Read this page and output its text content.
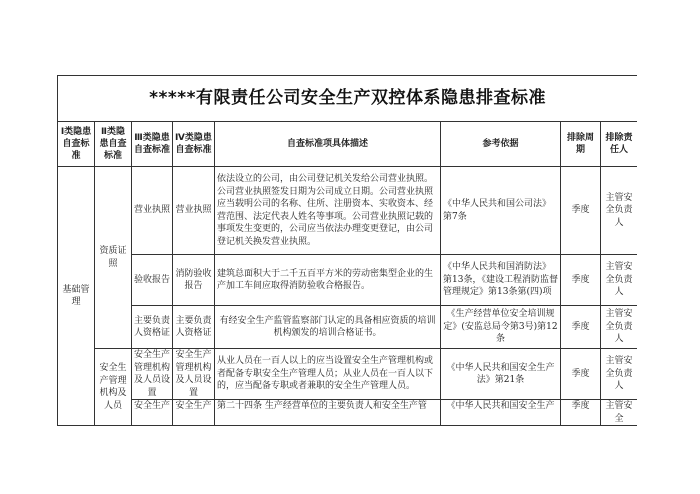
*****有限责任公司安全生产双控体系隐患排查标准							
Ⅰ类隐患自查标准	Ⅱ类隐患自查标准	Ⅲ类隐患自查标准	Ⅳ类隐患自查标准	自查标准项具体描述	参考依据	排除周期	排除责任人
基础管理	资质证照	营业执照	营业执照	依法设立的公司，由公司登记机关发给公司营业执照。公司营业执照签发日期为公司成立日期。公司营业执照应当载明公司的名称、住所、注册资本、实收资本、经营范围、法定代表人姓名等事项。公司营业执照记载的事项发生变更的，公司应当依法办理变更登记，由公司登记机关换发营业执照。	《中华人民共和国公司法》第7条	季度	主管安全负责人
		验收报告	消防验收报告	建筑总面积大于二千五百平方米的劳动密集型企业的生产加工车间应取得消防验收合格报告。	《中华人民共和国消防法》第13条，《建设工程消防监督管理规定》第13条第(四)项	季度	主管安全负责人
		主要负责人资格证	主要负责人资格证	有经安全生产监管监察部门认定的具备相应资质的培训机构颁发的培训合格证书。	《生产经营单位安全培训规定》(安监总局令第3号)第12条	季度	主管安全负责人
	安全生产管理机构及人员	安全生产管理机构及人员设置	安全生产管理机构及人员设置	从业人员在一百人以上的应当设置安全生产管理机构或者配备专职安全生产管理人员；从业人员在一百人以下的，应当配备专职或者兼职的安全生产管理人员。	《中华人民共和国安全生产法》第21条	季度	主管安全负责人
		安全生产	安全生产	第二十四条 生产经营单位的主要负责人和安全生产管	《中华人民共和国安全生产	季度	主管安全
